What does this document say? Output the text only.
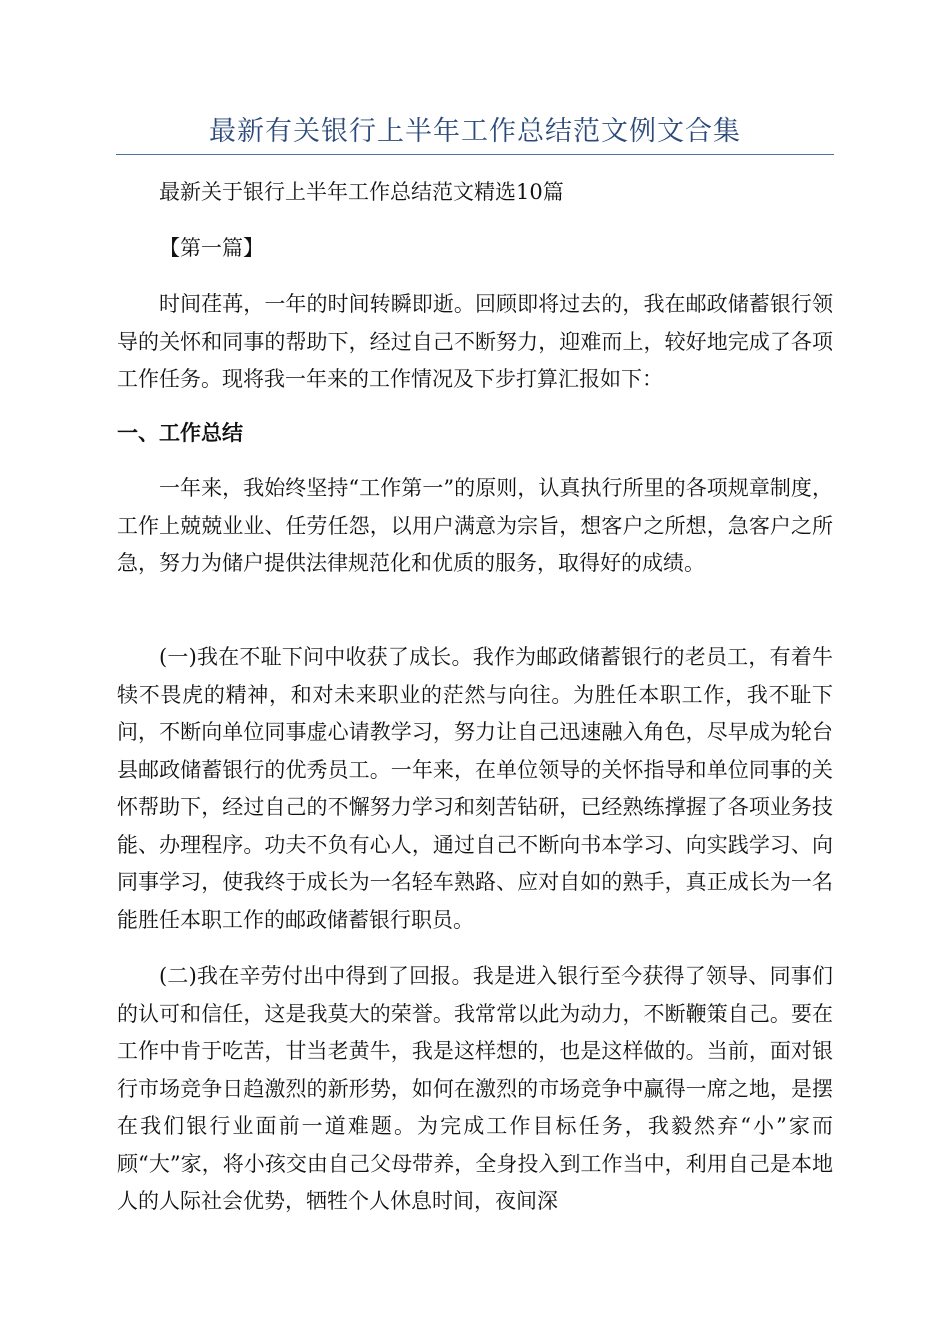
最新有关银行上半年工作总结范文例文合集

最新关于银行上半年工作总结范文精选10篇

【第一篇】

时间荏苒，一年的时间转瞬即逝。回顾即将过去的，我在邮政储蓄银行领导的关怀和同事的帮助下，经过自己不断努力，迎难而上，较好地完成了各项工作任务。现将我一年来的工作情况及下步打算汇报如下：

一、工作总结

一年来，我始终坚持“工作第一”的原则，认真执行所里的各项规章制度，工作上兢兢业业、任劳任怨，以用户满意为宗旨，想客户之所想，急客户之所急，努力为储户提供法律规范化和优质的服务，取得好的成绩。

(一)我在不耻下问中收获了成长。我作为邮政储蓄银行的老员工，有着牛犊不畏虎的精神，和对未来职业的茫然与向往。为胜任本职工作，我不耻下问，不断向单位同事虚心请教学习，努力让自己迅速融入角色，尽早成为轮台县邮政储蓄银行的优秀员工。一年来，在单位领导的关怀指导和单位同事的关怀帮助下，经过自己的不懈努力学习和刻苦钻研，已经熟练撑握了各项业务技能、办理程序。功夫不负有心人，通过自己不断向书本学习、向实践学习、向同事学习，使我终于成长为一名轻车熟路、应对自如的熟手，真正成长为一名能胜任本职工作的邮政储蓄银行职员。

(二)我在辛劳付出中得到了回报。我是进入银行至今获得了领导、同事们的认可和信任，这是我莫大的荣誉。我常常以此为动力，不断鞭策自己。要在工作中肯于吃苦，甘当老黄牛，我是这样想的，也是这样做的。当前，面对银行市场竞争日趋激烈的新形势，如何在激烈的市场竞争中赢得一席之地，是摆在我们银行业面前一道难题。为完成工作目标任务，我毅然弃“小”家而顾“大”家，将小孩交由自己父母带养，全身投入到工作当中，利用自己是本地人的人际社会优势，牺牲个人休息时间，夜间深
